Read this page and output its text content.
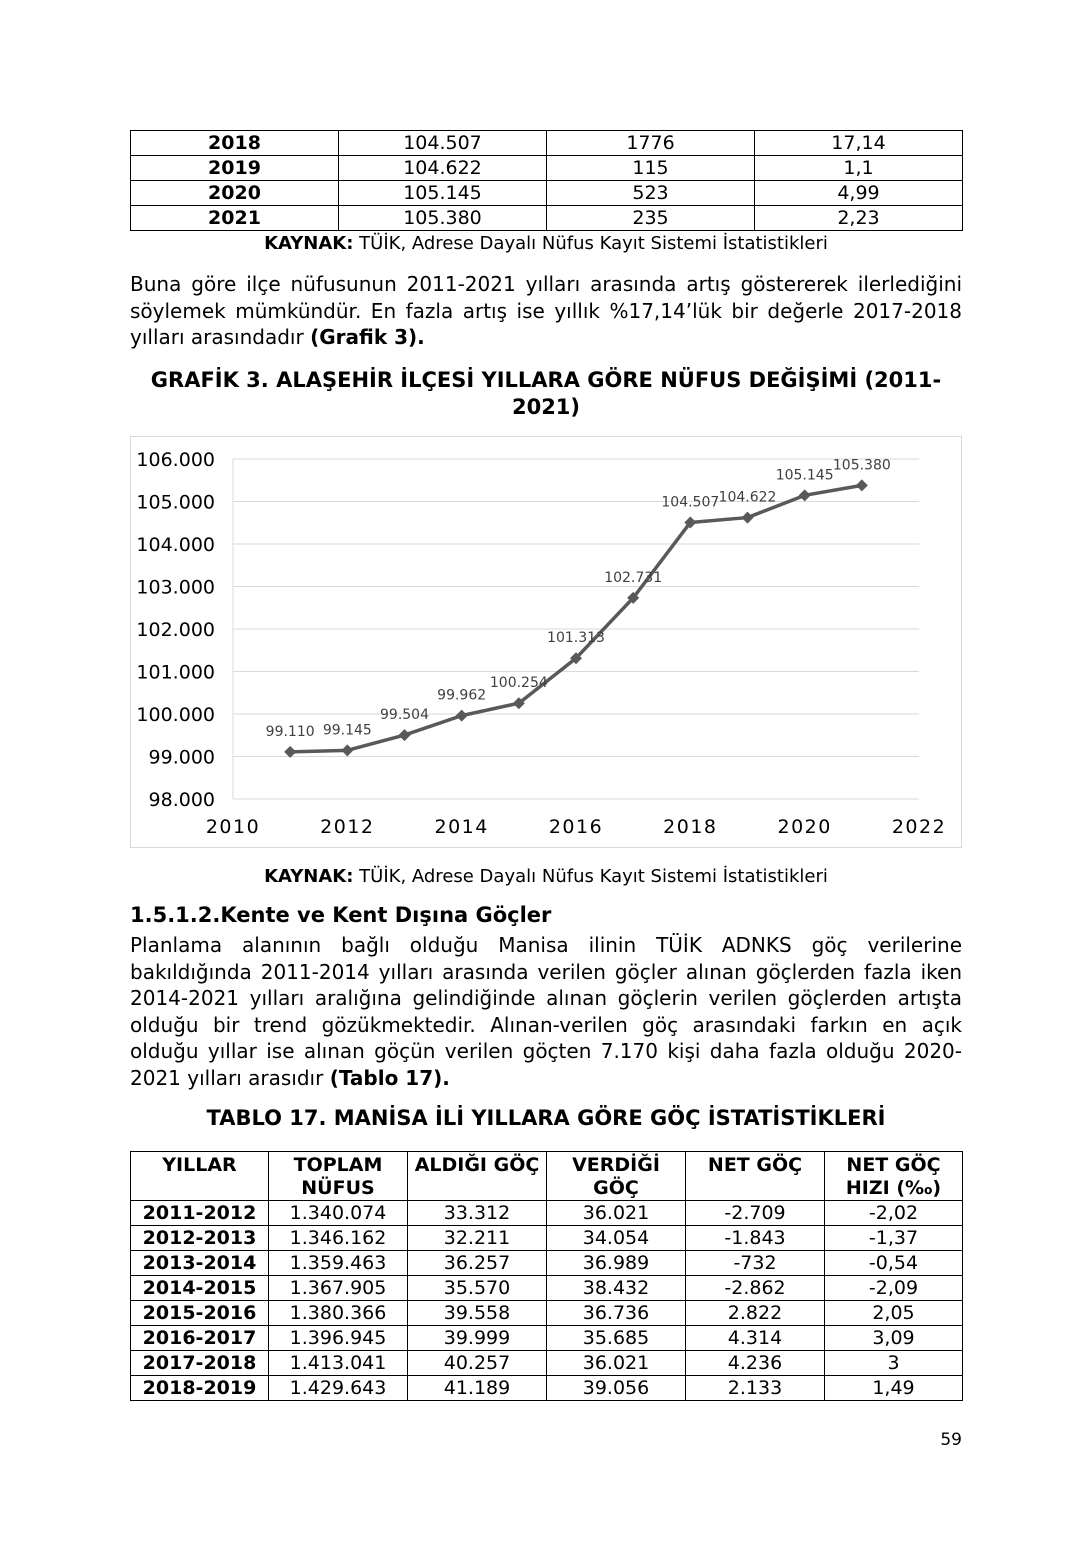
2018	104.507	1776	17,14
2019	104.622	115	1,1
2020	105.145	523	4,99
2021	105.380	235	2,23
KAYNAK: TÜİK, Adrese Dayalı Nüfus Kayıt Sistemi İstatistikleri
Buna göre ilçe nüfusunun 2011-2021 yılları arasında artış göstererek ilerlediğini söylemek mümkündür. En fazla artış ise yıllık %17,14’lük bir değerle 2017-2018 yılları arasındadır (Grafik 3).
GRAFİK 3. ALAŞEHİR İLÇESİ YILLARA GÖRE NÜFUS DEĞİŞİMİ (2011-2021)
98.000
99.000
100.000
101.000
102.000
103.000
104.000
105.000
106.000
2010	2012	2014	2016	2018	2020	2022
99.110 99.145
99.504
99.962
100.254
101.313
102.731
104.507 104.622
105.145
105.380
KAYNAK: TÜİK, Adrese Dayalı Nüfus Kayıt Sistemi İstatistikleri
1.5.1.2.Kente ve Kent Dışına Göçler
Planlama alanının bağlı olduğu Manisa ilinin TÜİK ADNKS göç verilerine bakıldığında 2011-2014 yılları arasında verilen göçler alınan göçlerden fazla iken 2014-2021 yılları aralığına gelindiğinde alınan göçlerin verilen göçlerden artışta olduğu bir trend gözükmektedir. Alınan-verilen göç arasındaki farkın en açık olduğu yıllar ise alınan göçün verilen göçten 7.170 kişi daha fazla olduğu 2020-2021 yılları arasıdır (Tablo 17).
TABLO 17. MANİSA İLİ YILLARA GÖRE GÖÇ İSTATİSTİKLERİ
YILLAR	TOPLAM NÜFUS	ALDIĞI GÖÇ	VERDİĞİ GÖÇ	NET GÖÇ	NET GÖÇ HIZI (‰)
2011-2012	1.340.074	33.312	36.021	-2.709	-2,02
2012-2013	1.346.162	32.211	34.054	-1.843	-1,37
2013-2014	1.359.463	36.257	36.989	-732	-0,54
2014-2015	1.367.905	35.570	38.432	-2.862	-2,09
2015-2016	1.380.366	39.558	36.736	2.822	2,05
2016-2017	1.396.945	39.999	35.685	4.314	3,09
2017-2018	1.413.041	40.257	36.021	4.236	3
2018-2019	1.429.643	41.189	39.056	2.133	1,49
59
